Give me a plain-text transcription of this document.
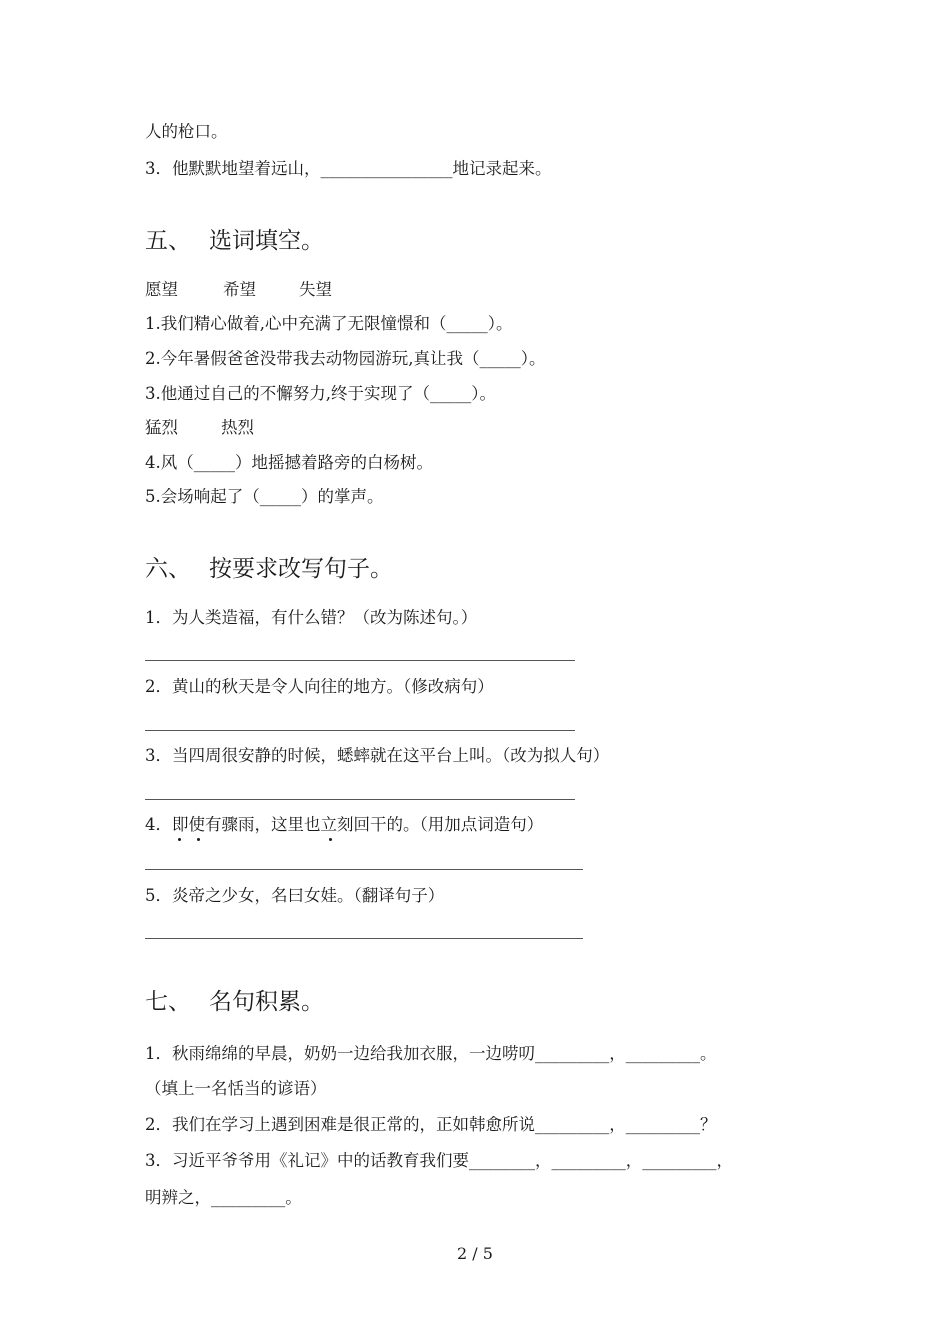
人的枪口。
3．他默默地望着远山，________________地记录起来。
五、 选词填空。
愿望	希望	失望
1.我们精心做着,心中充满了无限憧憬和（_____）。
2.今年暑假爸爸没带我去动物园游玩,真让我（_____）。
3.他通过自己的不懈努力,终于实现了（_____）。
猛烈	热烈
4.风（_____）地摇撼着路旁的白杨树。
5.会场响起了（_____）的掌声。
六、 按要求改写句子。
1．为人类造福，有什么错？（改为陈述句。）
2．黄山的秋天是令人向往的地方。（修改病句）
3．当四周很安静的时候，蟋蟀就在这平台上叫。（改为拟人句）
4．即使有骤雨，这里也立刻回干的。（用加点词造句）
5．炎帝之少女，名曰女娃。（翻译句子）
七、 名句积累。
1．秋雨绵绵的早晨，奶奶一边给我加衣服，一边唠叨_________，_________。
（填上一名恬当的谚语）
2．我们在学习上遇到困难是很正常的，正如韩愈所说_________，_________？
3．习近平爷爷用《礼记》中的话教育我们要________，_________，_________，
明辨之，_________。
2 / 5
